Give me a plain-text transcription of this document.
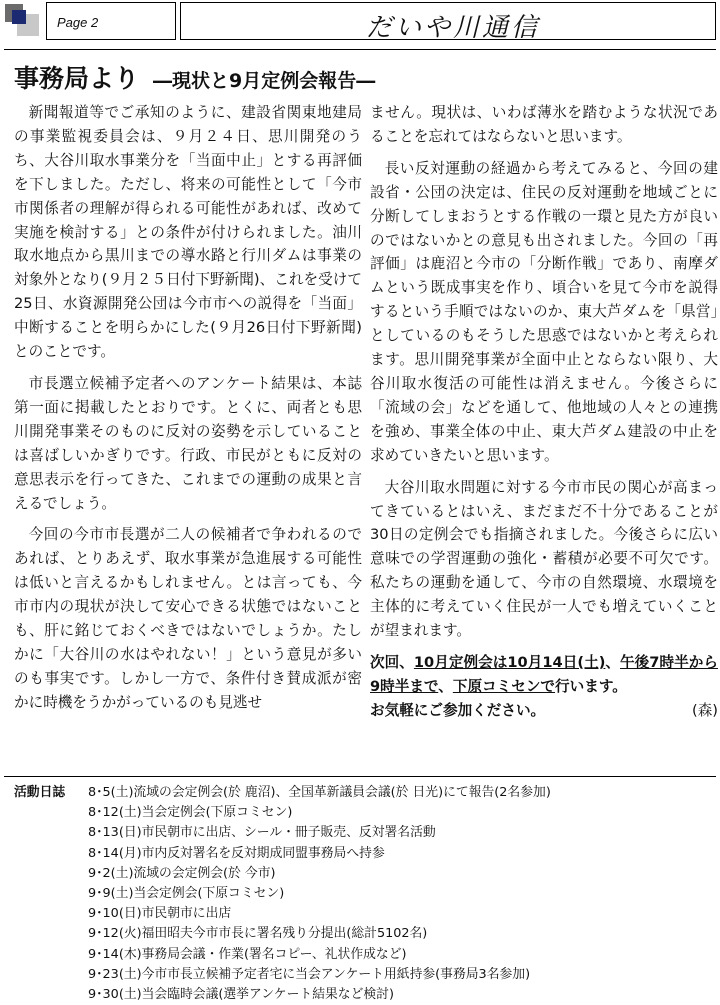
Page 2	だいや川通信
事務局より ―現状と9月定例会報告―

新聞報道等でご承知のように、建設省関東地建局の事業監視委員会は、９月２４日、思川開発のうち、大谷川取水事業分を「当面中止」とする再評価を下しました。ただし、将来の可能性として「今市市関係者の理解が得られる可能性があれば、改めて実施を検討する」との条件が付けられました。油川取水地点から黒川までの導水路と行川ダムは事業の対象外となり(９月２５日付下野新聞)、これを受けて25日、水資源開発公団は今市市への説得を「当面」中断することを明らかにした(９月26日付下野新聞)とのことです。

市長選立候補予定者へのアンケート結果は、本誌第一面に掲載したとおりです。とくに、両者とも思川開発事業そのものに反対の姿勢を示していることは喜ばしいかぎりです。行政、市民がともに反対の意思表示を行ってきた、これまでの運動の成果と言えるでしょう。

今回の今市市長選が二人の候補者で争われるのであれば、とりあえず、取水事業が急進展する可能性は低いと言えるかもしれません。とは言っても、今市市内の現状が決して安心できる状態ではないことも、肝に銘じておくべきではないでしょうか。たしかに「大谷川の水はやれない！」という意見が多いのも事実です。しかし一方で、条件付き賛成派が密かに時機をうかがっているのも見逃せ

ません。現状は、いわば薄氷を踏むような状況であることを忘れてはならないと思います。

長い反対運動の経過から考えてみると、今回の建設省・公団の決定は、住民の反対運動を地域ごとに分断してしまおうとする作戦の一環と見た方が良いのではないかとの意見も出されました。今回の「再評価」は鹿沼と今市の「分断作戦」であり、南摩ダムという既成事実を作り、頃合いを見て今市を説得するという手順ではないのか、東大芦ダムを「県営」としているのもそうした思惑ではないかと考えられます。思川開発事業が全面中止とならない限り、大谷川取水復活の可能性は消えません。今後さらに「流域の会」などを通して、他地域の人々との連携を強め、事業全体の中止、東大芦ダム建設の中止を求めていきたいと思います。

大谷川取水問題に対する今市市民の関心が高まってきているとはいえ、まだまだ不十分であることが30日の定例会でも指摘されました。今後さらに広い意味での学習運動の強化・蓄積が必要不可欠です。私たちの運動を通して、今市の自然環境、水環境を主体的に考えていく住民が一人でも増えていくことが望まれます。

次回、10月定例会は10月14日(土)、午後7時半から9時半まで、下原コミセンで行います。
お気軽にご参加ください。	(森)

活動日誌 8･5(土)流域の会定例会(於 鹿沼)、全国革新議員会議(於 日光)にて報告(2名参加)
8･12(土)当会定例会(下原コミセン)
8･13(日)市民朝市に出店、シール・冊子販売、反対署名活動
8･14(月)市内反対署名を反対期成同盟事務局へ持参
9･2(土)流域の会定例会(於 今市)
9･9(土)当会定例会(下原コミセン)
9･10(日)市民朝市に出店
9･12(火)福田昭夫今市市長に署名残り分提出(総計5102名)
9･14(木)事務局会議・作業(署名コピー、礼状作成など)
9･23(土)今市市長立候補予定者宅に当会アンケート用紙持参(事務局3名参加)
9･30(土)当会臨時会議(選挙アンケート結果など検討)
